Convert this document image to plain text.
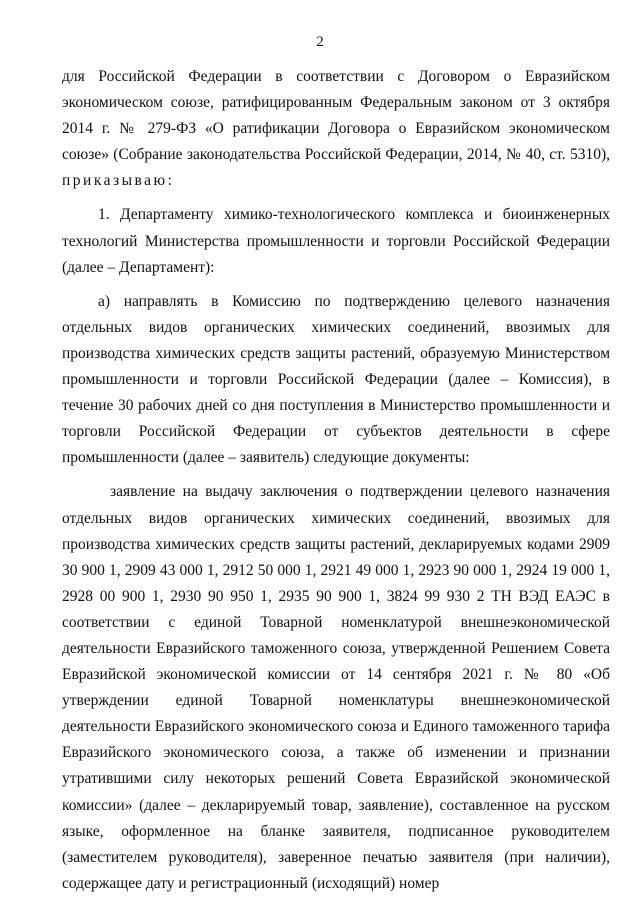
2

для Российской Федерации в соответствии с Договором о Евразийском экономическом союзе, ратифицированным Федеральным законом от 3 октября 2014 г. № 279-ФЗ «О ратификации Договора о Евразийском экономическом союзе» (Собрание законодательства Российской Федерации, 2014, № 40, ст. 5310), приказываю:

1. Департаменту химико-технологического комплекса и биоинженерных технологий Министерства промышленности и торговли Российской Федерации (далее – Департамент):

а) направлять в Комиссию по подтверждению целевого назначения отдельных видов органических химических соединений, ввозимых для производства химических средств защиты растений, образуемую Министерством промышленности и торговли Российской Федерации (далее – Комиссия), в течение 30 рабочих дней со дня поступления в Министерство промышленности и торговли Российской Федерации от субъектов деятельности в сфере промышленности (далее – заявитель) следующие документы:

заявление на выдачу заключения о подтверждении целевого назначения отдельных видов органических химических соединений, ввозимых для производства химических средств защиты растений, декларируемых кодами 2909 30 900 1, 2909 43 000 1, 2912 50 000 1, 2921 49 000 1, 2923 90 000 1, 2924 19 000 1, 2928 00 900 1, 2930 90 950 1, 2935 90 900 1, 3824 99 930 2 ТН ВЭД ЕАЭС в соответствии с единой Товарной номенклатурой внешнеэкономической деятельности Евразийского таможенного союза, утвержденной Решением Совета Евразийской экономической комиссии от 14 сентября 2021 г. № 80 «Об утверждении единой Товарной номенклатуры внешнеэкономической деятельности Евразийского экономического союза и Единого таможенного тарифа Евразийского экономического союза, а также об изменении и признании утратившими силу некоторых решений Совета Евразийской экономической комиссии» (далее – декларируемый товар, заявление), составленное на русском языке, оформленное на бланке заявителя, подписанное руководителем (заместителем руководителя), заверенное печатью заявителя (при наличии), содержащее дату и регистрационный (исходящий) номер
